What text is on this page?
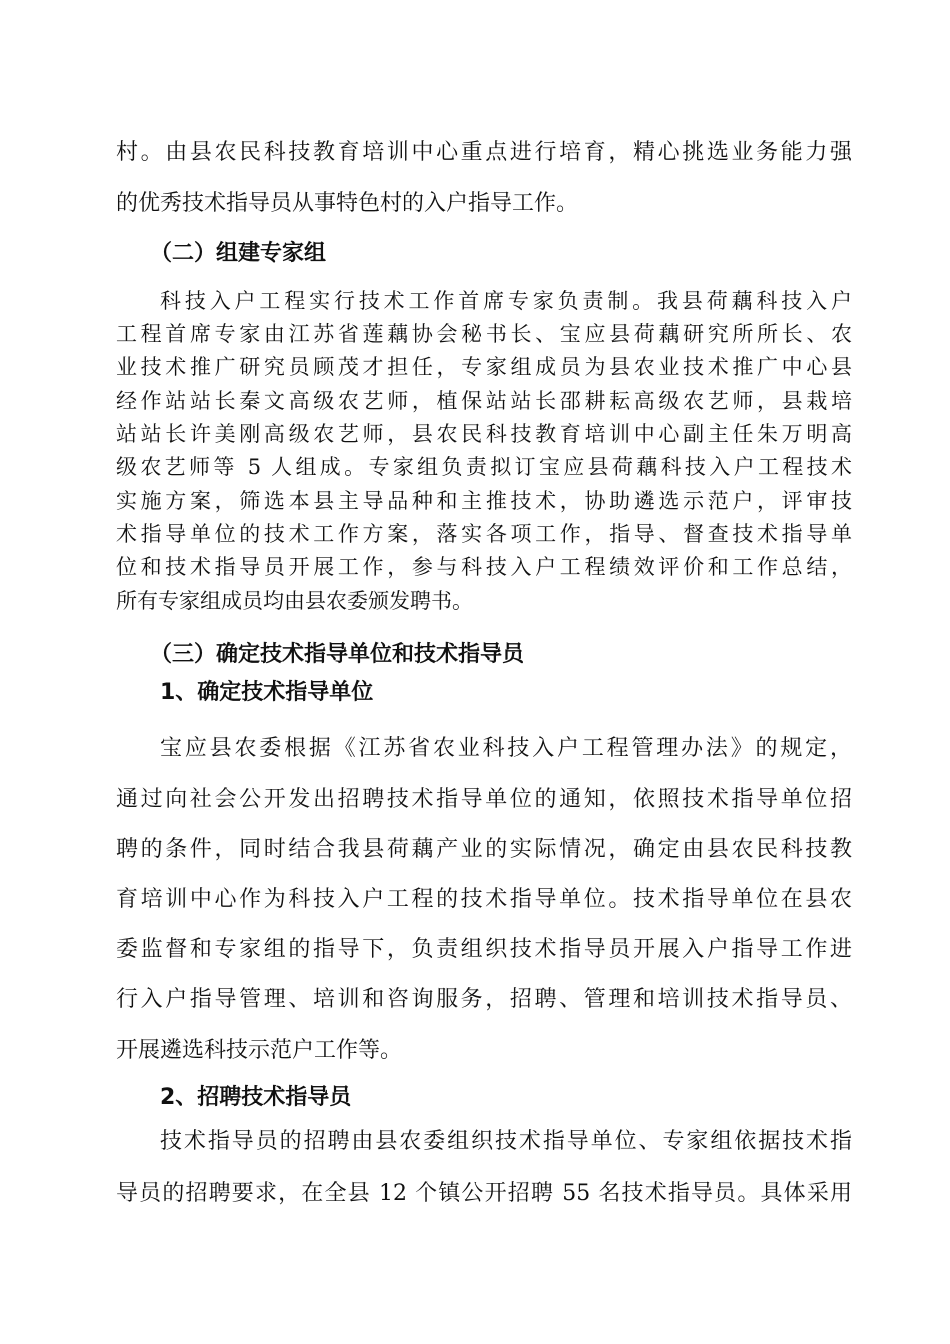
村。由县农民科技教育培训中心重点进行培育，精心挑选业务能力强
的优秀技术指导员从事特色村的入户指导工作。
（二）组建专家组
科技入户工程实行技术工作首席专家负责制。我县荷藕科技入户
工程首席专家由江苏省莲藕协会秘书长、宝应县荷藕研究所所长、农
业技术推广研究员顾茂才担任，专家组成员为县农业技术推广中心县
经作站站长秦文高级农艺师，植保站站长邵耕耘高级农艺师，县栽培
站站长许美刚高级农艺师，县农民科技教育培训中心副主任朱万明高
级农艺师等 5 人组成。专家组负责拟订宝应县荷藕科技入户工程技术
实施方案，筛选本县主导品种和主推技术，协助遴选示范户，评审技
术指导单位的技术工作方案，落实各项工作，指导、督查技术指导单
位和技术指导员开展工作，参与科技入户工程绩效评价和工作总结，
所有专家组成员均由县农委颁发聘书。
（三）确定技术指导单位和技术指导员
1、确定技术指导单位
宝应县农委根据《江苏省农业科技入户工程管理办法》的规定，
通过向社会公开发出招聘技术指导单位的通知，依照技术指导单位招
聘的条件，同时结合我县荷藕产业的实际情况，确定由县农民科技教
育培训中心作为科技入户工程的技术指导单位。技术指导单位在县农
委监督和专家组的指导下，负责组织技术指导员开展入户指导工作进
行入户指导管理、培训和咨询服务，招聘、管理和培训技术指导员、
开展遴选科技示范户工作等。
2、招聘技术指导员
技术指导员的招聘由县农委组织技术指导单位、专家组依据技术指
导员的招聘要求，在全县 12 个镇公开招聘 55 名技术指导员。具体采用
